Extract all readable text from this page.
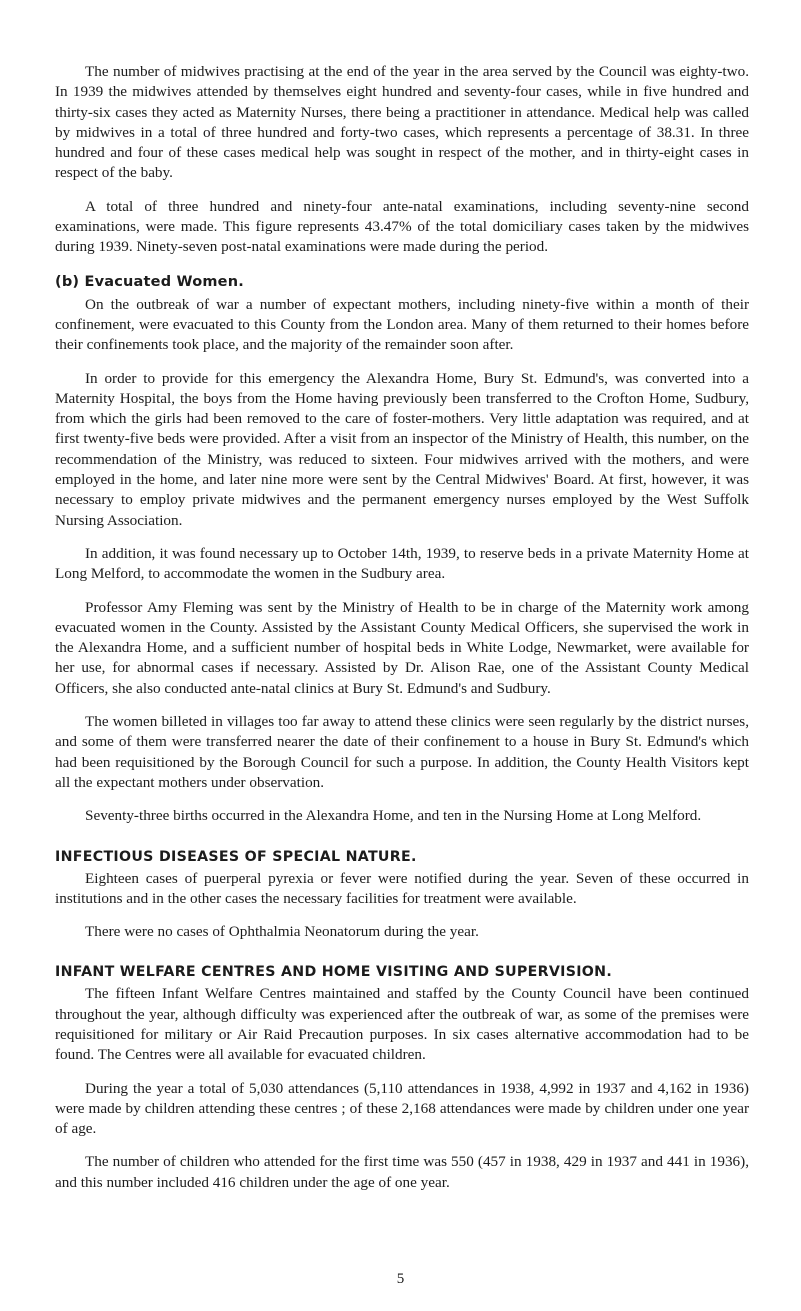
The number of midwives practising at the end of the year in the area served by the Council was eighty-two. In 1939 the midwives attended by themselves eight hundred and seventy-four cases, while in five hundred and thirty-six cases they acted as Maternity Nurses, there being a practitioner in attendance. Medical help was called by midwives in a total of three hundred and forty-two cases, which represents a percentage of 38.31. In three hundred and four of these cases medical help was sought in respect of the mother, and in thirty-eight cases in respect of the baby.

A total of three hundred and ninety-four ante-natal examinations, including seventy-nine second examinations, were made. This figure represents 43.47% of the total domiciliary cases taken by the midwives during 1939. Ninety-seven post-natal examinations were made during the period.

(b) Evacuated Women.

On the outbreak of war a number of expectant mothers, including ninety-five within a month of their confinement, were evacuated to this County from the London area. Many of them returned to their homes before their confinements took place, and the majority of the remainder soon after.

In order to provide for this emergency the Alexandra Home, Bury St. Edmund's, was converted into a Maternity Hospital, the boys from the Home having previously been transferred to the Crofton Home, Sudbury, from which the girls had been removed to the care of foster-mothers. Very little adaptation was required, and at first twenty-five beds were provided. After a visit from an inspector of the Ministry of Health, this number, on the recommendation of the Ministry, was reduced to sixteen. Four midwives arrived with the mothers, and were employed in the home, and later nine more were sent by the Central Midwives' Board. At first, however, it was necessary to employ private midwives and the permanent emergency nurses employed by the West Suffolk Nursing Association.

In addition, it was found necessary up to October 14th, 1939, to reserve beds in a private Maternity Home at Long Melford, to accommodate the women in the Sudbury area.

Professor Amy Fleming was sent by the Ministry of Health to be in charge of the Maternity work among evacuated women in the County. Assisted by the Assistant County Medical Officers, she supervised the work in the Alexandra Home, and a sufficient number of hospital beds in White Lodge, Newmarket, were available for her use, for abnormal cases if necessary. Assisted by Dr. Alison Rae, one of the Assistant County Medical Officers, she also conducted ante-natal clinics at Bury St. Edmund's and Sudbury.

The women billeted in villages too far away to attend these clinics were seen regularly by the district nurses, and some of them were transferred nearer the date of their confinement to a house in Bury St. Edmund's which had been requisitioned by the Borough Council for such a purpose. In addition, the County Health Visitors kept all the expectant mothers under observation.

Seventy-three births occurred in the Alexandra Home, and ten in the Nursing Home at Long Melford.

INFECTIOUS DISEASES OF SPECIAL NATURE.

Eighteen cases of puerperal pyrexia or fever were notified during the year. Seven of these occurred in institutions and in the other cases the necessary facilities for treatment were available.

There were no cases of Ophthalmia Neonatorum during the year.

INFANT WELFARE CENTRES AND HOME VISITING AND SUPERVISION.

The fifteen Infant Welfare Centres maintained and staffed by the County Council have been continued throughout the year, although difficulty was experienced after the outbreak of war, as some of the premises were requisitioned for military or Air Raid Precaution purposes. In six cases alternative accommodation had to be found. The Centres were all available for evacuated children.

During the year a total of 5,030 attendances (5,110 attendances in 1938, 4,992 in 1937 and 4,162 in 1936) were made by children attending these centres ; of these 2,168 attendances were made by children under one year of age.

The number of children who attended for the first time was 550 (457 in 1938, 429 in 1937 and 441 in 1936), and this number included 416 children under the age of one year.

5
